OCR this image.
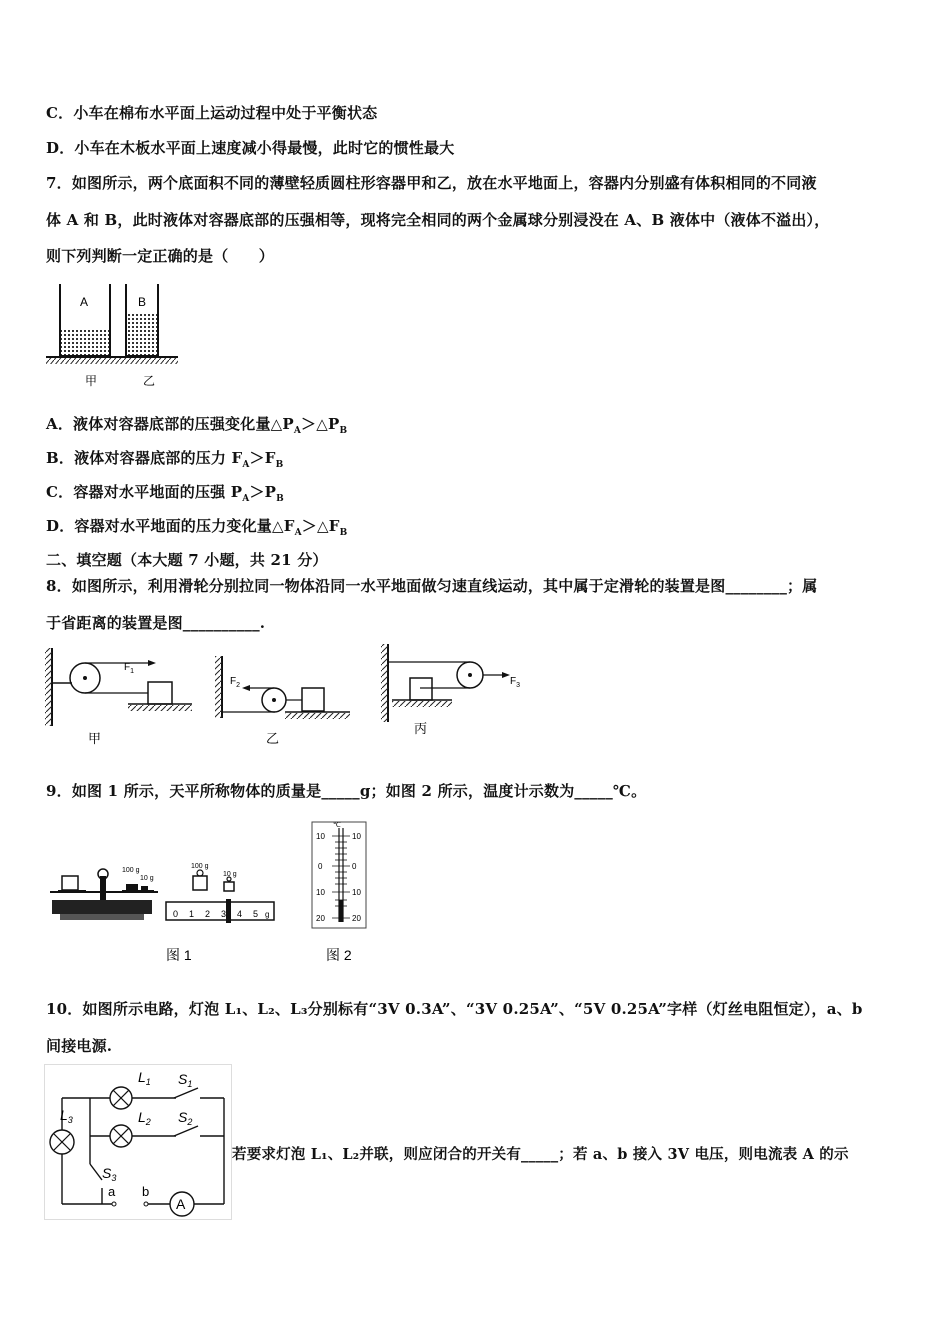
C．小车在棉布水平面上运动过程中处于平衡状态
D．小车在木板水平面上速度减小得最慢，此时它的惯性最大
7．如图所示，两个底面积不同的薄壁轻质圆柱形容器甲和乙，放在水平地面上，容器内分别盛有体积相同的不同液
体 A 和 B，此时液体对容器底部的压强相等，现将完全相同的两个金属球分别浸没在 A、B 液体中（液体不溢出），
则下列判断一定正确的是（　　）
A	B
甲	乙
A．液体对容器底部的压强变化量$\triangle P_A>\triangle P_B$
B．液体对容器底部的压力 $F_A>F_B$
C．容器对水平地面的压强 $P_A>P_B$
D．容器对水平地面的压力变化量$\triangle F_A>\triangle F_B$
二、填空题（本大题 7 小题，共 21 分）
8．如图所示，利用滑轮分别拉同一物体沿同一水平地面做匀速直线运动，其中属于定滑轮的装置是图________；属
于省距离的装置是图__________.
$F_1$
甲
$F_2$
乙
$F_3$
丙
9．如图 1 所示，天平所称物体的质量是_____g；如图 2 所示，温度计示数为_____℃。
100 g
10 g
100 g
10 g
0 1 2 3 4 5 g
图 1
℃
10	10
0	0
10	10
20	20
图 2
10．如图所示电路，灯泡 L₁、L₂、L₃分别标有“3V 0.3A”、“3V 0.25A”、“5V 0.25A”字样（灯丝电阻恒定），a、b
间接电源.
A
$L_1$
$L_2$
$L_3$
$S_1$
$S_2$
$S_3$
a b
若要求灯泡 L₁、L₂并联，则应闭合的开关有_____；若 a、b 接入 3V 电压，则电流表 A 的示
